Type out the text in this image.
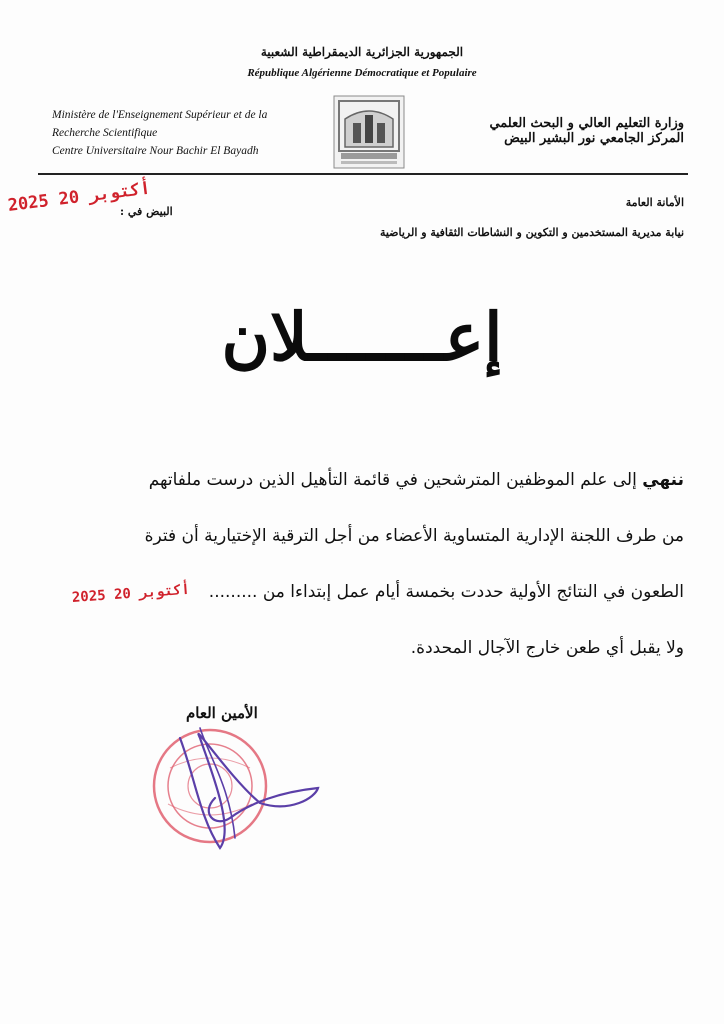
الجمهورية الجزائرية الديمقراطية الشعبية
République Algérienne Démocratique et Populaire
Ministère de l'Enseignement Supérieur et de la
Recherche Scientifique
Centre Universitaire Nour Bachir El Bayadh
وزارة التعليم العالي و البحث العلمي
المركز الجامعي نور البشير البيض
الأمانة العامة
نيابة مديرية المستخدمين و التكوين و النشاطات الثقافية و الرياضية
البيض في :
2025 أكتوبر 20
إعـــــــلان
ننهي إلى علم الموظفين المترشحين في قائمة التأهيل الذين درست ملفاتهم
من طرف اللجنة الإدارية المتساوية الأعضاء من أجل الترقية الإختيارية أن فترة
الطعون في النتائج الأولية حددت بخمسة أيام عمل إبتداءا من .........
2025 أكتوبر 20
ولا يقبل أي طعن خارج الآجال المحددة.
الأمين العام
